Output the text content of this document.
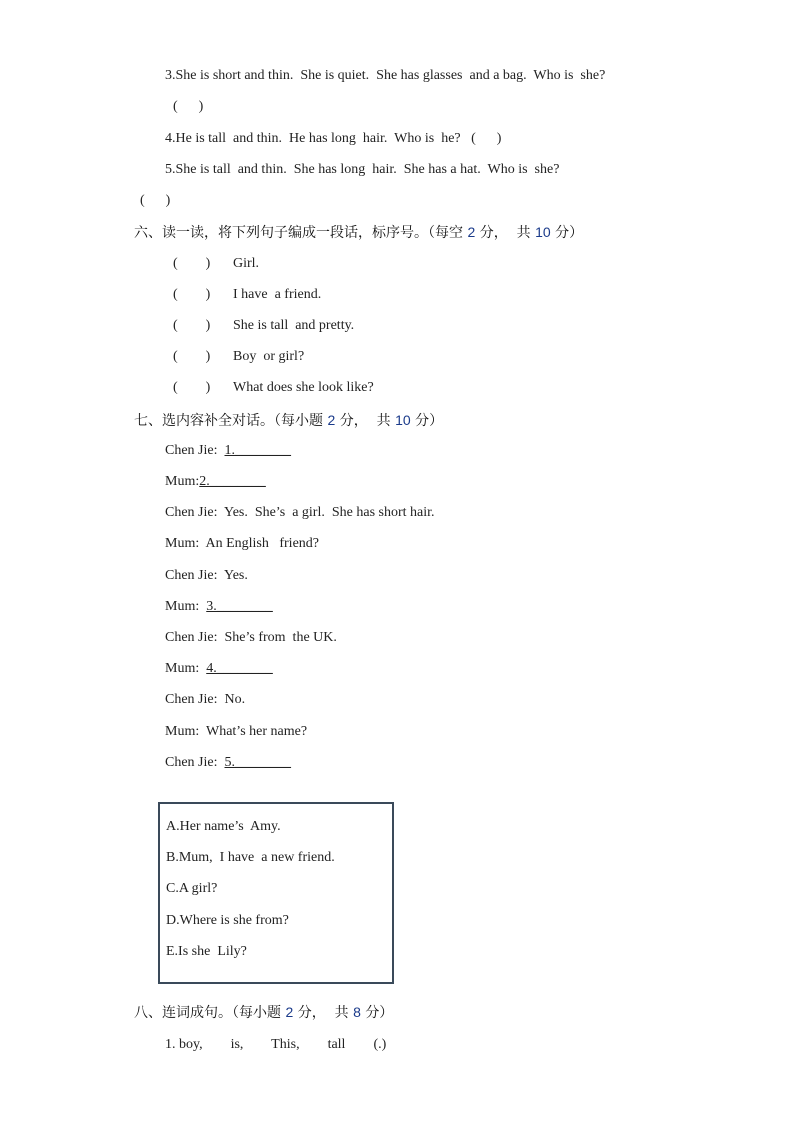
3.She is short and thin.  She is quiet.  She has glasses  and a bag.  Who is  she?
(      )
4.He is tall  and thin.  He has long  hair.  Who is  he?   (      )
5.She is tall  and thin.  She has long  hair.  She has a hat.  Who is  she?
(      )
六、读一读，将下列句子编成一段话，标序号。（每空 2 分，  共 10 分）
(        ) Girl.
(        ) I have  a friend.
(        ) She is tall  and pretty.
(        ) Boy  or girl?
(        ) What does she look like?
七、选内容补全对话。（每小题 2 分，  共 10 分）
Chen Jie:  1.________
Mum:2.________
Chen Jie:  Yes.  She’s  a girl.  She has short hair.
Mum:  An English   friend?
Chen Jie:  Yes.
Mum:  3.________
Chen Jie:  She’s from  the UK.
Mum:  4.________
Chen Jie:  No.
Mum:  What’s her name?
Chen Jie:  5.________
A.Her name’s  Amy.
B.Mum,  I have  a new friend.
C.A girl?
D.Where is she from?
E.Is she  Lily?
八、连词成句。（每小题 2 分，  共 8 分）
1. boy,        is,        This,        tall        (.)
